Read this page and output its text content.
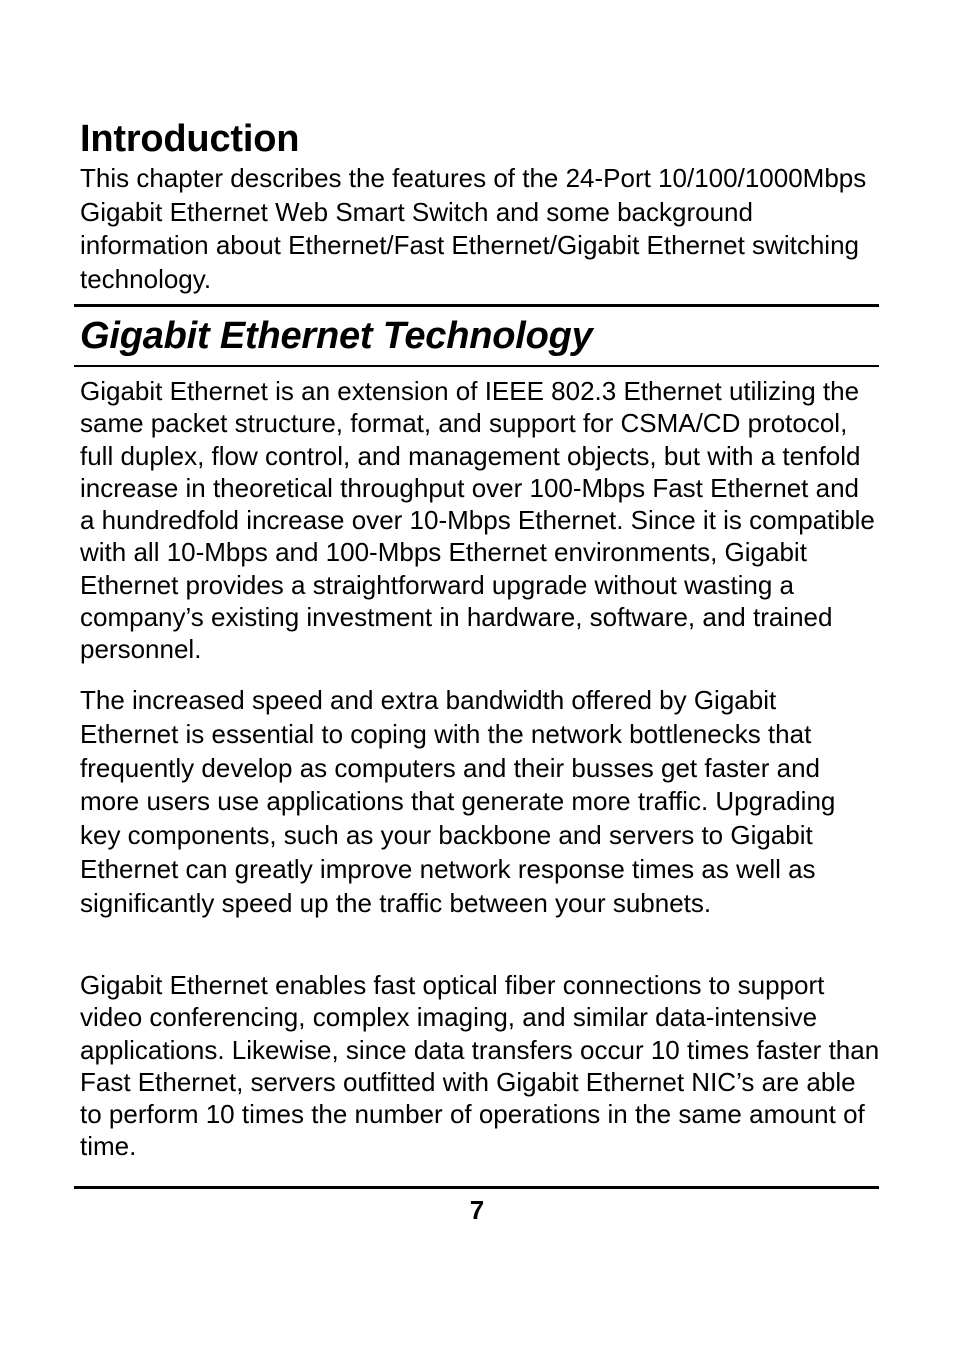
Introduction

This chapter describes the features of the 24-Port 10/100/1000Mbps Gigabit Ethernet Web Smart Switch and some background information about Ethernet/Fast Ethernet/Gigabit Ethernet switching technology.

Gigabit Ethernet Technology

Gigabit Ethernet is an extension of IEEE 802.3 Ethernet utilizing the same packet structure, format, and support for CSMA/CD protocol, full duplex, flow control, and management objects, but with a tenfold increase in theoretical throughput over 100-Mbps Fast Ethernet and a hundredfold increase over 10-Mbps Ethernet. Since it is compatible with all 10-Mbps and 100-Mbps Ethernet environments, Gigabit Ethernet provides a straightforward upgrade without wasting a company’s existing investment in hardware, software, and trained personnel.

The increased speed and extra bandwidth offered by Gigabit Ethernet is essential to coping with the network bottlenecks that frequently develop as computers and their busses get faster and more users use applications that generate more traffic. Upgrading key components, such as your backbone and servers to Gigabit Ethernet can greatly improve network response times as well as significantly speed up the traffic between your subnets.

Gigabit Ethernet enables fast optical fiber connections to support video conferencing, complex imaging, and similar data-intensive applications. Likewise, since data transfers occur 10 times faster than Fast Ethernet, servers outfitted with Gigabit Ethernet NIC’s are able to perform 10 times the number of operations in the same amount of time.

7
